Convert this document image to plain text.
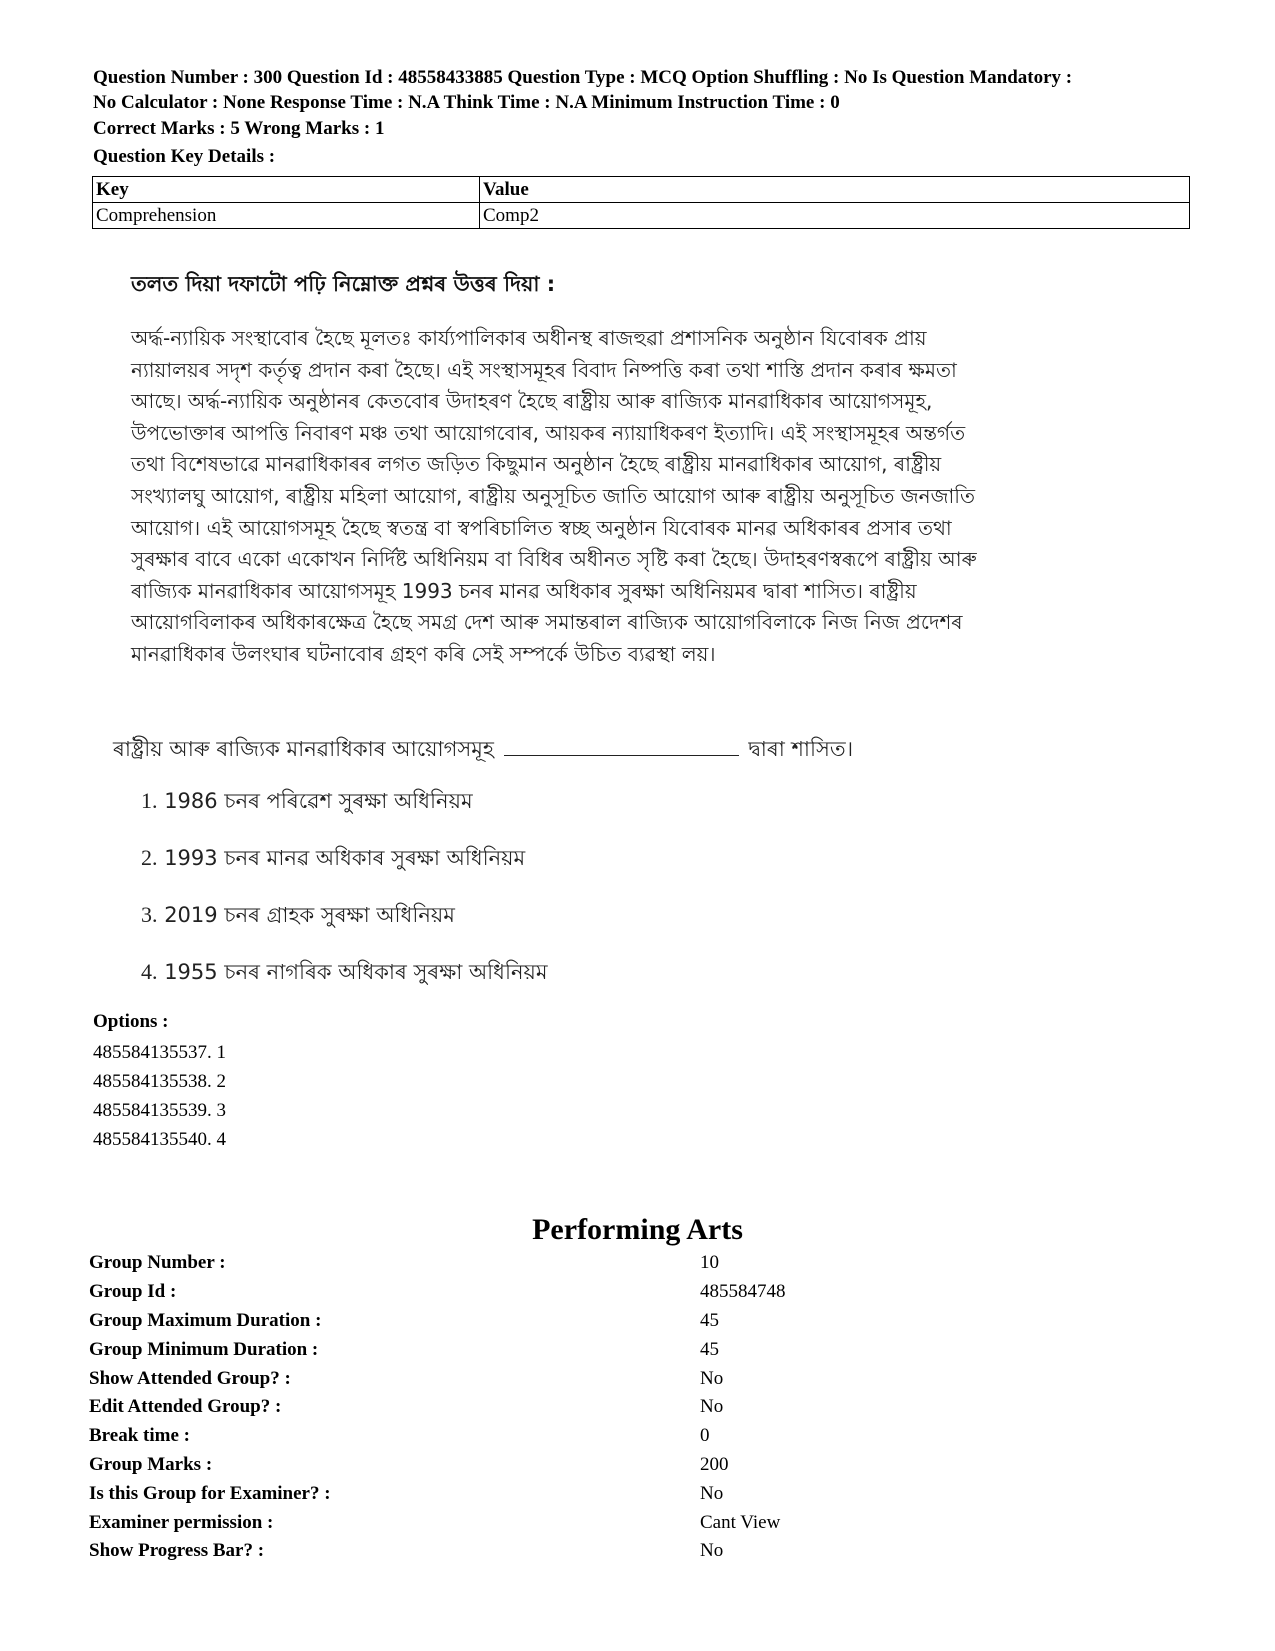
Question Number : 300 Question Id : 48558433885 Question Type : MCQ Option Shuffling : No Is Question Mandatory :
No Calculator : None Response Time : N.A Think Time : N.A Minimum Instruction Time : 0
Correct Marks : 5 Wrong Marks : 1
Question Key Details :
Key	Value
Comprehension	Comp2
তলত দিয়া দফাটো পঢ়ি নিম্নোক্ত প্ৰশ্নৰ উত্তৰ দিয়া :
অৰ্দ্ধ-ন্যায়িক সংস্থাবোৰ হৈছে মূলতঃ কাৰ্য্যপালিকাৰ অধীনস্থ ৰাজহুৱা প্ৰশাসনিক অনুষ্ঠান যিবোৰক প্ৰায়
ন্যায়ালয়ৰ সদৃশ কৰ্তৃত্ব প্ৰদান কৰা হৈছে। এই সংস্থাসমূহৰ বিবাদ নিষ্পত্তি কৰা তথা শাস্তি প্ৰদান কৰাৰ ক্ষমতা
আছে। অৰ্দ্ধ-ন্যায়িক অনুষ্ঠানৰ কেতবোৰ উদাহৰণ হৈছে ৰাষ্ট্ৰীয় আৰু ৰাজ্যিক মানৱাধিকাৰ আয়োগসমূহ,
উপভোক্তাৰ আপত্তি নিবাৰণ মঞ্চ তথা আয়োগবোৰ, আয়কৰ ন্যায়াধিকৰণ ইত্যাদি। এই সংস্থাসমূহৰ অন্তৰ্গত
তথা বিশেষভাৱে মানৱাধিকাৰৰ লগত জড়িত কিছুমান অনুষ্ঠান হৈছে ৰাষ্ট্ৰীয় মানৱাধিকাৰ আয়োগ, ৰাষ্ট্ৰীয়
সংখ্যালঘু আয়োগ, ৰাষ্ট্ৰীয় মহিলা আয়োগ, ৰাষ্ট্ৰীয় অনুসূচিত জাতি আয়োগ আৰু ৰাষ্ট্ৰীয় অনুসূচিত জনজাতি
আয়োগ। এই আয়োগসমূহ হৈছে স্বতন্ত্ৰ বা স্বপৰিচালিত স্বচ্ছ অনুষ্ঠান যিবোৰক মানৱ অধিকাৰৰ প্ৰসাৰ তথা
সুৰক্ষাৰ বাবে একো একোখন নিৰ্দিষ্ট অধিনিয়ম বা বিধিৰ অধীনত সৃষ্টি কৰা হৈছে। উদাহৰণস্বৰূপে ৰাষ্ট্ৰীয় আৰু
ৰাজ্যিক মানৱাধিকাৰ আয়োগসমূহ 1993 চনৰ মানৱ অধিকাৰ সুৰক্ষা অধিনিয়মৰ দ্বাৰা শাসিত। ৰাষ্ট্ৰীয়
আয়োগবিলাকৰ অধিকাৰক্ষেত্ৰ হৈছে সমগ্ৰ দেশ আৰু সমান্তৰাল ৰাজ্যিক আয়োগবিলাকে নিজ নিজ প্ৰদেশৰ
মানৱাধিকাৰ উলংঘাৰ ঘটনাবোৰ গ্ৰহণ কৰি সেই সম্পৰ্কে উচিত ব্যৱস্থা লয়।
ৰাষ্ট্ৰীয় আৰু ৰাজ্যিক মানৱাধিকাৰ আয়োগসমূহ	দ্বাৰা শাসিত।
1. 1986 চনৰ পৰিৱেশ সুৰক্ষা অধিনিয়ম
2. 1993 চনৰ মানৱ অধিকাৰ সুৰক্ষা অধিনিয়ম
3. 2019 চনৰ গ্ৰাহক সুৰক্ষা অধিনিয়ম
4. 1955 চনৰ নাগৰিক অধিকাৰ সুৰক্ষা অধিনিয়ম
Options :
485584135537. 1
485584135538. 2
485584135539. 3
485584135540. 4
Performing Arts
Group Number :	10
Group Id :	485584748
Group Maximum Duration :	45
Group Minimum Duration :	45
Show Attended Group? :	No
Edit Attended Group? :	No
Break time :	0
Group Marks :	200
Is this Group for Examiner? :	No
Examiner permission :	Cant View
Show Progress Bar? :	No
